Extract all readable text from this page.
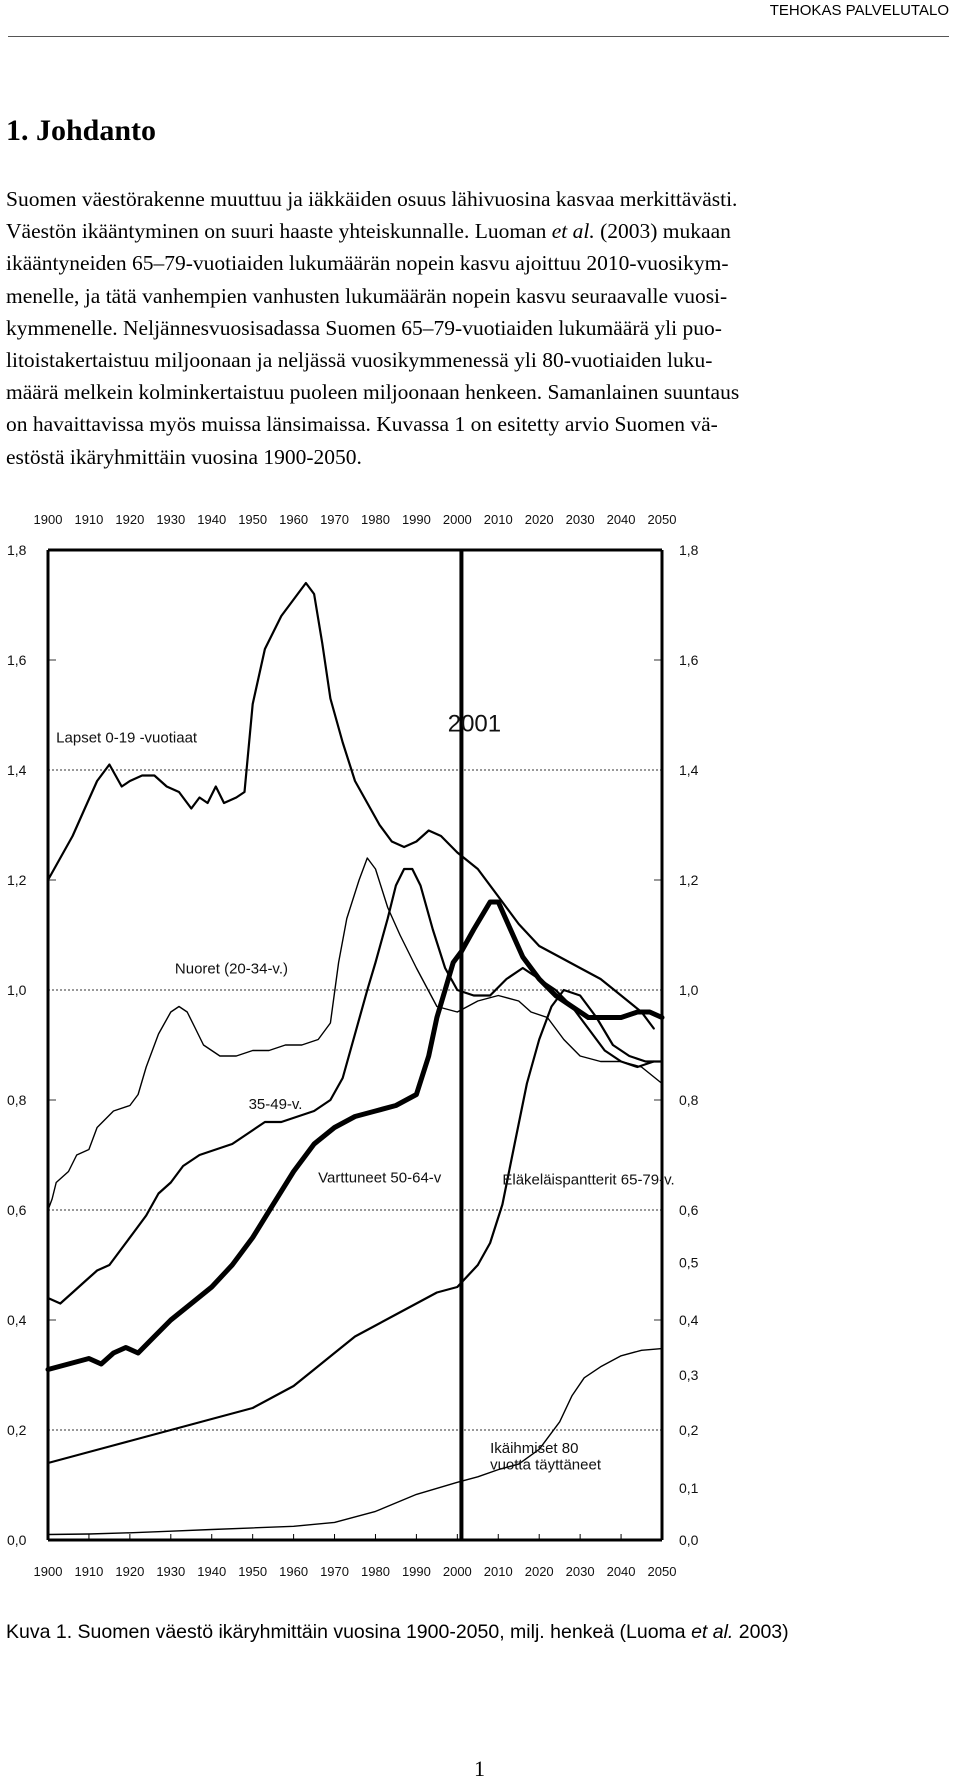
TEHOKAS PALVELUTALO
1. Johdanto
Suomen väestörakenne muuttuu ja iäkkäiden osuus lähivuosina kasvaa merkittävästi.
Väestön ikääntyminen on suuri haaste yhteiskunnalle. Luoman et al. (2003) mukaan
ikääntyneiden 65–79-vuotiaiden lukumäärän nopein kasvu ajoittuu 2010-vuosikym-
menelle, ja tätä vanhempien vanhusten lukumäärän nopein kasvu seuraavalle vuosi-
kymmenelle. Neljännesvuosisadassa Suomen 65–79-vuotiaiden lukumäärä yli puo-
litoistakertaistuu miljoonaan ja neljässä vuosikymmenessä yli 80-vuotiaiden luku-
määrä melkein kolminkertaistuu puoleen miljoonaan henkeen. Samanlainen suuntaus
on havaittavissa myös muissa länsimaissa. Kuvassa 1 on esitetty arvio Suomen vä-
estöstä ikäryhmittäin vuosina 1900-2050.
1900
1900
1910
1910
1920
1920
1930
1930
1940
1940
1950
1950
1960
1960
1970
1970
1980
1980
1990
1990
2000
2000
2010
2010
2020
2020
2030
2030
2040
2040
2050
2050
0,0
0,2
0,4
0,6
0,8
1,0
1,2
1,4
1,6
1,8
0,0
0,1
0,2
0,3
0,4
0,5
0,6
0,8
1,0
1,2
1,4
1,6
1,8
2001
Lapset 0-19 -vuotiaat
Nuoret (20-34-v.)
35-49-v.
Varttuneet 50-64-v	Eläkeläispantterit 65-79-v.
Ikäihmiset 80
vuotta täyttäneet
Kuva 1. Suomen väestö ikäryhmittäin vuosina 1900-2050, milj. henkeä (Luoma et al. 2003)
1
